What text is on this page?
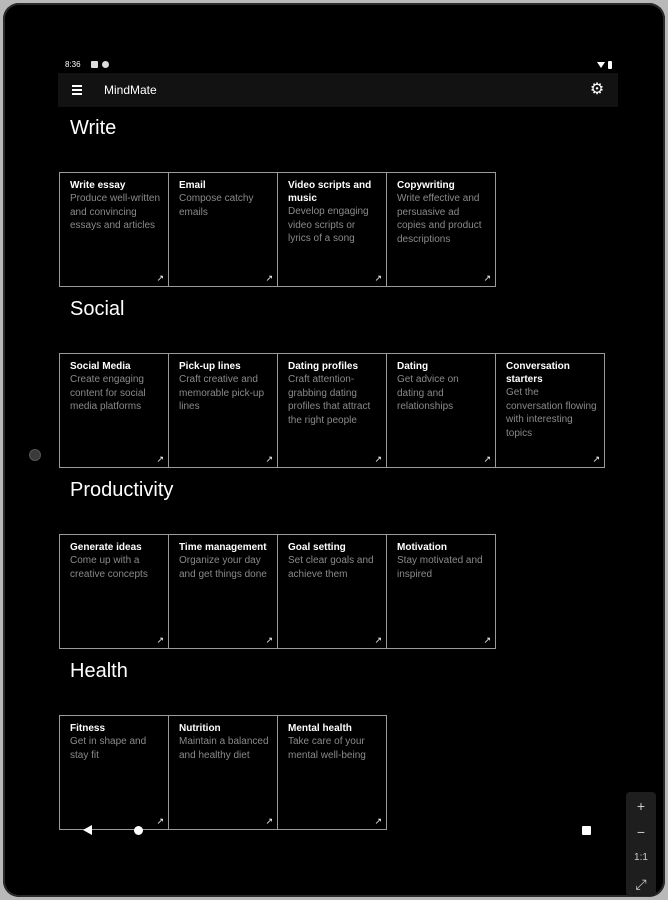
8:36
MindMate	⚙
Write
Write essay
Produce well-written and convincing essays and articles
↗
Email
Compose catchy emails
↗
Video scripts and music
Develop engaging video scripts or lyrics of a song
↗
Copywriting
Write effective and persuasive ad copies and product descriptions
↗
Social
Social Media
Create engaging content for social media platforms
↗
Pick-up lines
Craft creative and memorable pick-up lines
↗
Dating profiles
Craft attention-grabbing dating profiles that attract the right people
↗
Dating
Get advice on dating and relationships
↗
Conversation starters
Get the conversation flowing with interesting topics
↗
Productivity
Generate ideas
Come up with a creative concepts
↗
Time management
Organize your day and get things done
↗
Goal setting
Set clear goals and achieve them
↗
Motivation
Stay motivated and inspired
↗
Health
Fitness
Get in shape and stay fit
↗
Nutrition
Maintain a balanced and healthy diet
↗
Mental health
Take care of your mental well-being
↗
+
−
1:1
⤢
